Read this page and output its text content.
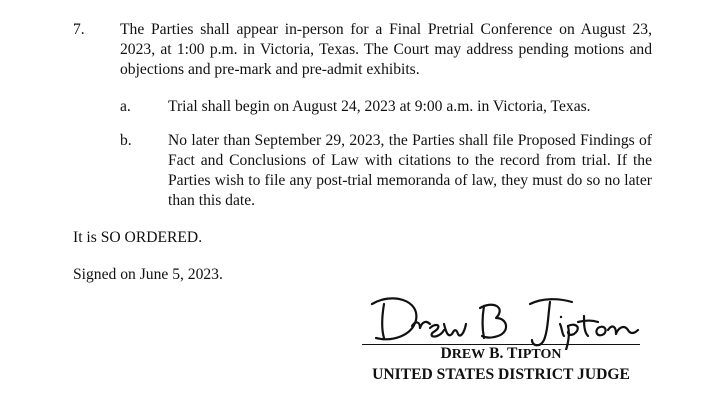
7. The Parties shall appear in-person for a Final Pretrial Conference on August 23, 2023, at 1:00 p.m. in Victoria, Texas. The Court may address pending motions and objections and pre-mark and pre-admit exhibits.
a. Trial shall begin on August 24, 2023 at 9:00 a.m. in Victoria, Texas.
b. No later than September 29, 2023, the Parties shall file Proposed Findings of Fact and Conclusions of Law with citations to the record from trial. If the Parties wish to file any post-trial memoranda of law, they must do so no later than this date.
It is SO ORDERED.
Signed on June 5, 2023.
DREW B. TIPTON
UNITED STATES DISTRICT JUDGE
